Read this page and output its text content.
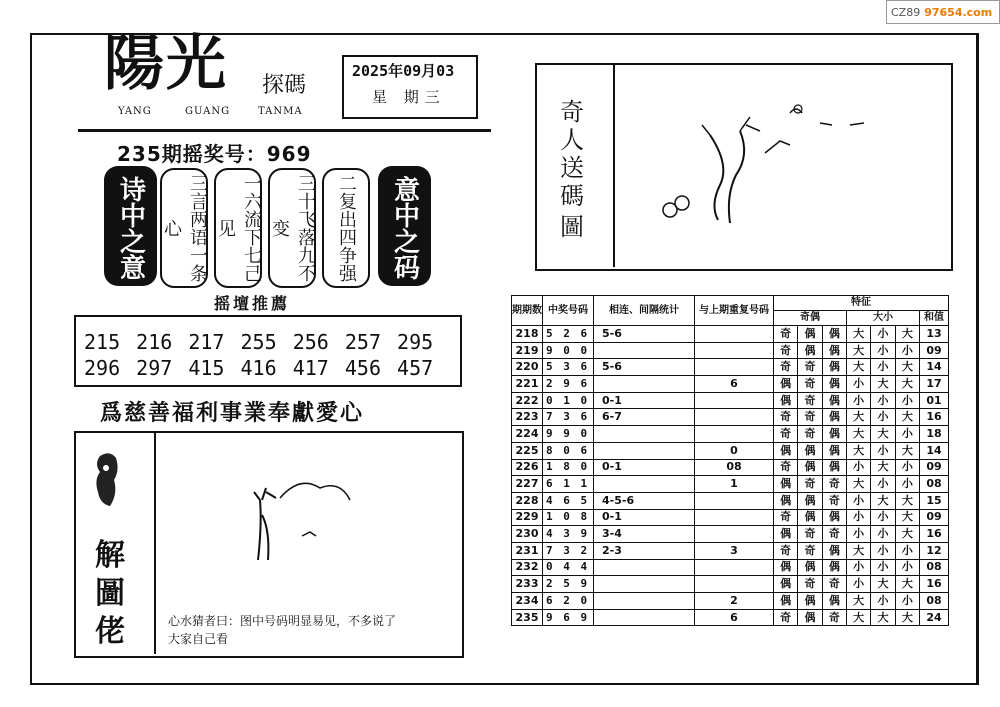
CZ89 97654.com
陽光 探碼
YANG	GUANG	TANMA
2025年09月03
星 期三
235期摇奖号：969
诗中之意	三言两语一条心	一六流下七己见	三十飞落九不变	二复出四争强	意中之码
摇壇推薦
215 216 217 255 256 257 295
296 297 415 416 417 456 457
爲慈善福利事業奉獻愛心
解
圖
佬	心水猜者曰：图中号码明显易见，不多说了
大家自己看
奇
人
送
碼
圖
期期数	中奖号码	相连、间隔统计	与上期重复号码	特征						
				奇偶			大小			和值
218	5 2 6	5-6		奇	偶	偶	大	小	大	13
219	9 0 0			奇	偶	偶	大	小	小	09
220	5 3 6	5-6		奇	奇	偶	大	小	大	14
221	2 9 6		6	偶	奇	偶	小	大	大	17
222	0 1 0	0-1		偶	奇	偶	小	小	小	01
223	7 3 6	6-7		奇	奇	偶	大	小	大	16
224	9 9 0			奇	奇	偶	大	大	小	18
225	8 0 6		0	偶	偶	偶	大	小	大	14
226	1 8 0	0-1	08	奇	偶	偶	小	大	小	09
227	6 1 1		1	偶	奇	奇	大	小	小	08
228	4 6 5	4-5-6		偶	偶	奇	小	大	大	15
229	1 0 8	0-1		奇	偶	偶	小	小	大	09
230	4 3 9	3-4		偶	奇	奇	小	小	大	16
231	7 3 2	2-3	3	奇	奇	偶	大	小	小	12
232	0 4 4			偶	偶	偶	小	小	小	08
233	2 5 9			偶	奇	奇	小	大	大	16
234	6 2 0		2	偶	偶	偶	大	小	小	08
235	9 6 9		6	奇	偶	奇	大	大	大	24
